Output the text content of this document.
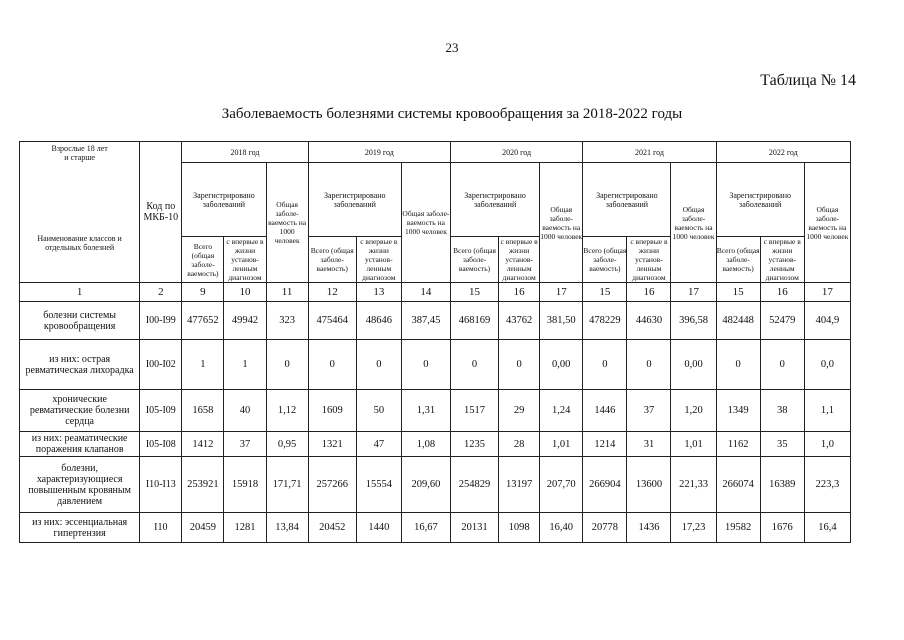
23
Таблица № 14
Заболеваемость болезнями системы кровообращения за 2018-2022 годы
Взрослые 18 лет и старше
Наименование классов и отдельных болезней	Код по МКБ-10	2018 год			2019 год			2020 год			2021 год			2022 год		
		Зарегистрировано заболеваний		Общая заболе-ваемость на 1000 человек	Зарегистрировано заболеваний		Общая заболе-ваемость на 1000 человек	Зарегистрировано заболеваний		Общая заболе-ваемость на 1000 человек	Зарегистрировано заболеваний		Общая заболе-ваемость на 1000 человек	Зарегистрировано заболеваний		Общая заболе-ваемость на 1000 человек
		Всего (общая заболе-ваемость)	с впервые в жизни установ-ленным диагнозом		Всего (общая заболе-ваемость)	с впервые в жизни установ-ленным диагнозом		Всего (общая заболе-ваемость)	с впервые в жизни установ-ленным диагнозом		Всего (общая заболе-ваемость)	с впервые в жизни установ-ленным диагнозом		Всего (общая заболе-ваемость)	с впервые в жизни установ-ленным диагнозом	
1	2	9	10	11	12	13	14	15	16	17	15	16	17	15	16	17
болезни системы кровообращения	I00-I99	477652	49942	323	475464	48646	387,45	468169	43762	381,50	478229	44630	396,58	482448	52479	404,9
из них: острая ревматическая лихорадка	I00-I02	1	1	0	0	0	0	0	0	0,00	0	0	0,00	0	0	0,0
хронические ревматические болезни сердца	I05-I09	1658	40	1,12	1609	50	1,31	1517	29	1,24	1446	37	1,20	1349	38	1,1
из них: реаматические поражения клапанов	I05-I08	1412	37	0,95	1321	47	1,08	1235	28	1,01	1214	31	1,01	1162	35	1,0
болезни, характеризующиеся повышенным кровяным давлением	I10-I13	253921	15918	171,71	257266	15554	209,60	254829	13197	207,70	266904	13600	221,33	266074	16389	223,3
из них: эссенциальная гипертензия	I10	20459	1281	13,84	20452	1440	16,67	20131	1098	16,40	20778	1436	17,23	19582	1676	16,4
